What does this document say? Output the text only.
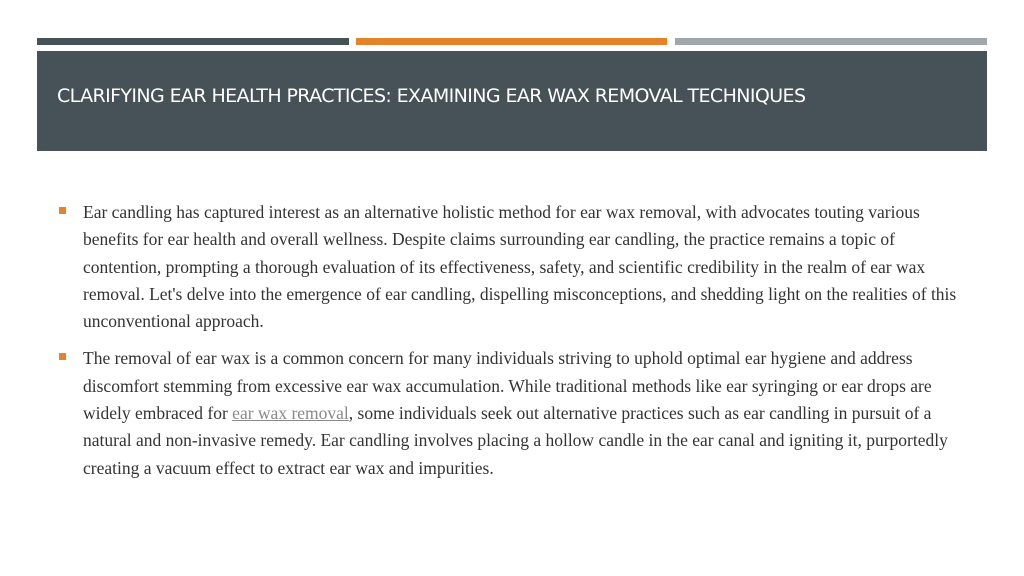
CLARIFYING EAR HEALTH PRACTICES: EXAMINING EAR WAX REMOVAL TECHNIQUES
Ear candling has captured interest as an alternative holistic method for ear wax removal, with advocates touting various benefits for ear health and overall wellness. Despite claims surrounding ear candling, the practice remains a topic of contention, prompting a thorough evaluation of its effectiveness, safety, and scientific credibility in the realm of ear wax removal. Let's delve into the emergence of ear candling, dispelling misconceptions, and shedding light on the realities of this unconventional approach.
The removal of ear wax is a common concern for many individuals striving to uphold optimal ear hygiene and address discomfort stemming from excessive ear wax accumulation. While traditional methods like ear syringing or ear drops are widely embraced for ear wax removal, some individuals seek out alternative practices such as ear candling in pursuit of a natural and non-invasive remedy. Ear candling involves placing a hollow candle in the ear canal and igniting it, purportedly creating a vacuum effect to extract ear wax and impurities.
